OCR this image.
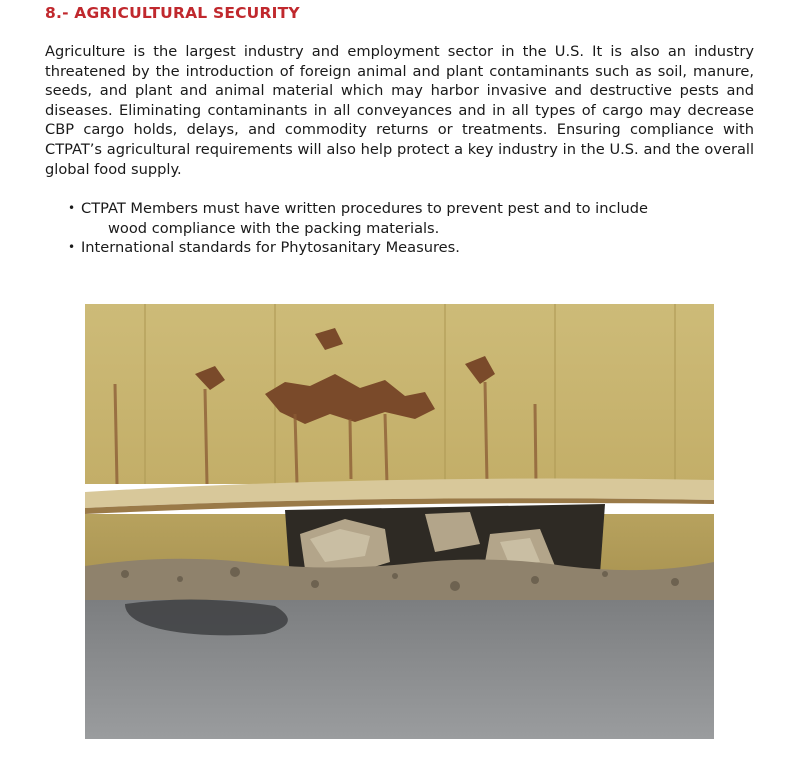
8.- AGRICULTURAL SECURITY

Agriculture is the largest industry and employment sector in the U.S. It is also an industry threatened by the introduction of foreign animal and plant contaminants such as soil, manure, seeds, and plant and animal material which may harbor invasive and destructive pests and diseases. Eliminating contaminants in all conveyances and in all types of cargo may decrease CBP cargo holds, delays, and commodity returns or treatments. Ensuring compliance with CTPAT’s agricultural requirements will also help protect a key industry in the U.S. and the overall global food supply.

• CTPAT Members must have written procedures to prevent pest and to include
wood compliance with the packing materials.
• International standards for Phytosanitary Measures.
